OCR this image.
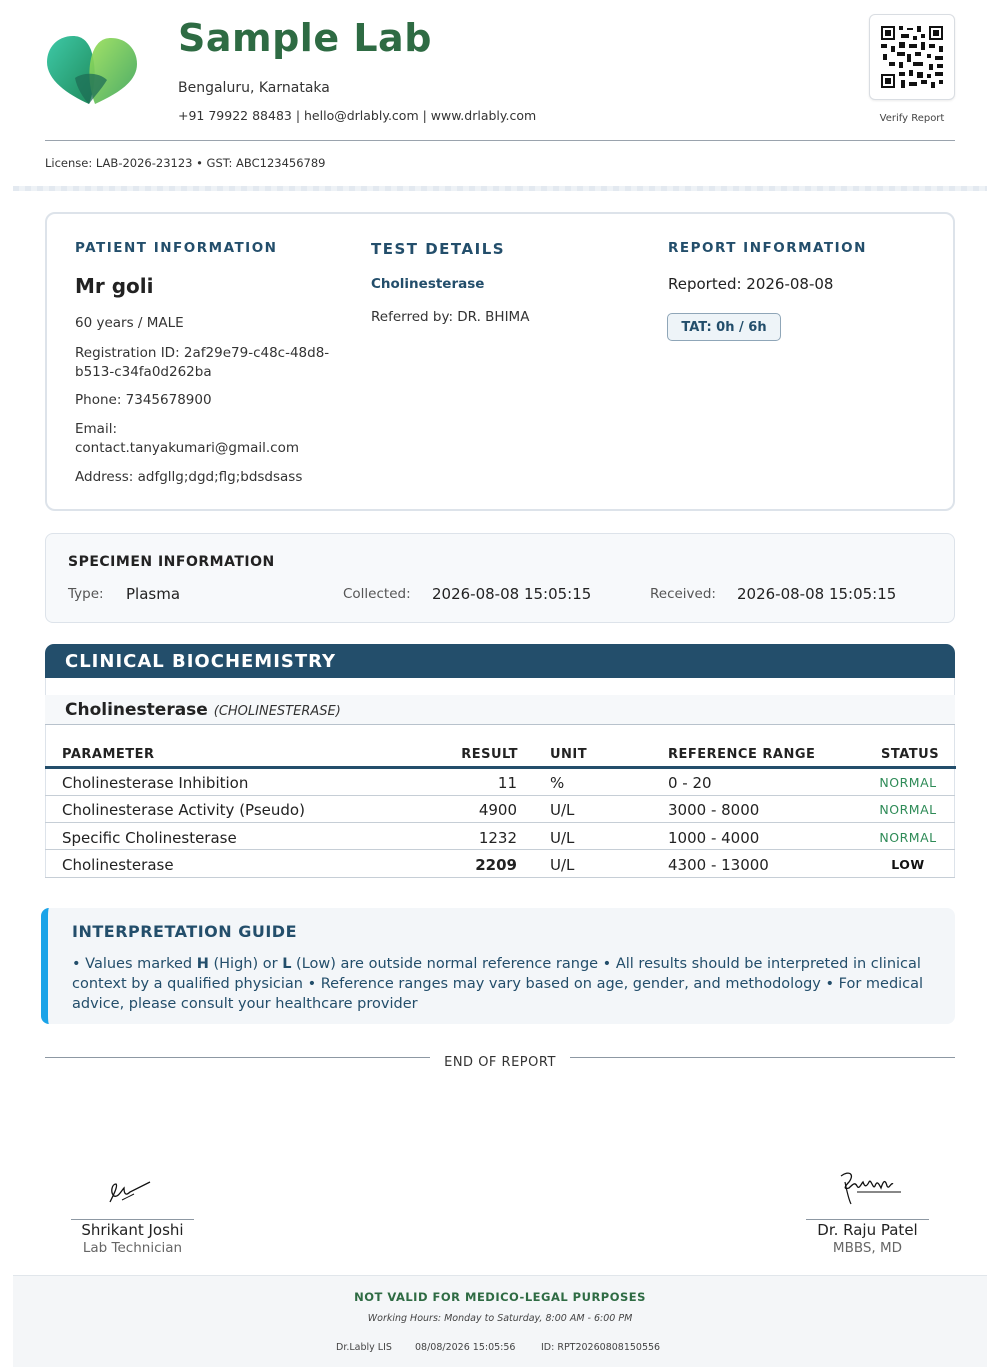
Sample Lab
Bengaluru, Karnataka
+91 79922 88483 | hello@drlably.com | www.drlably.com	Verify Report
License: LAB-2026-23123 • GST: ABC123456789
PATIENT INFORMATION
Mr goli
60 years / MALE
Registration ID: 2af29e79-c48c-48d8-
b513-c34fa0d262ba
Phone: 7345678900
Email:
contact.tanyakumari@gmail.com
Address: adfgllg;dgd;flg;bdsdsass
TEST DETAILS
Cholinesterase
Referred by: DR. BHIMA
REPORT INFORMATION
Reported: 2026-08-08
TAT: 0h / 6h
SPECIMEN INFORMATION
Type: Plasma	Collected: 2026-08-08 15:05:15	Received: 2026-08-08 15:05:15
CLINICAL BIOCHEMISTRY
Cholinesterase (CHOLINESTERASE)
PARAMETER	RESULT UNIT	REFERENCE RANGE	STATUS
Cholinesterase Inhibition	11 %	0 - 20	NORMAL
Cholinesterase Activity (Pseudo)	4900 U/L	3000 - 8000	NORMAL
Specific Cholinesterase	1232 U/L	1000 - 4000	NORMAL
Cholinesterase	2209 U/L	4300 - 13000	LOW
INTERPRETATION GUIDE
• Values marked H (High) or L (Low) are outside normal reference range • All results should be interpreted in clinical context by a qualified physician • Reference ranges may vary based on age, gender, and methodology • For medical advice, please consult your healthcare provider
END OF REPORT
Shrikant Joshi
Lab Technician
Dr. Raju Patel
MBBS, MD
NOT VALID FOR MEDICO-LEGAL PURPOSES
Working Hours: Monday to Saturday, 8:00 AM - 6:00 PM
Dr.Lably LIS 08/08/2026 15:05:56	ID: RPT20260808150556
